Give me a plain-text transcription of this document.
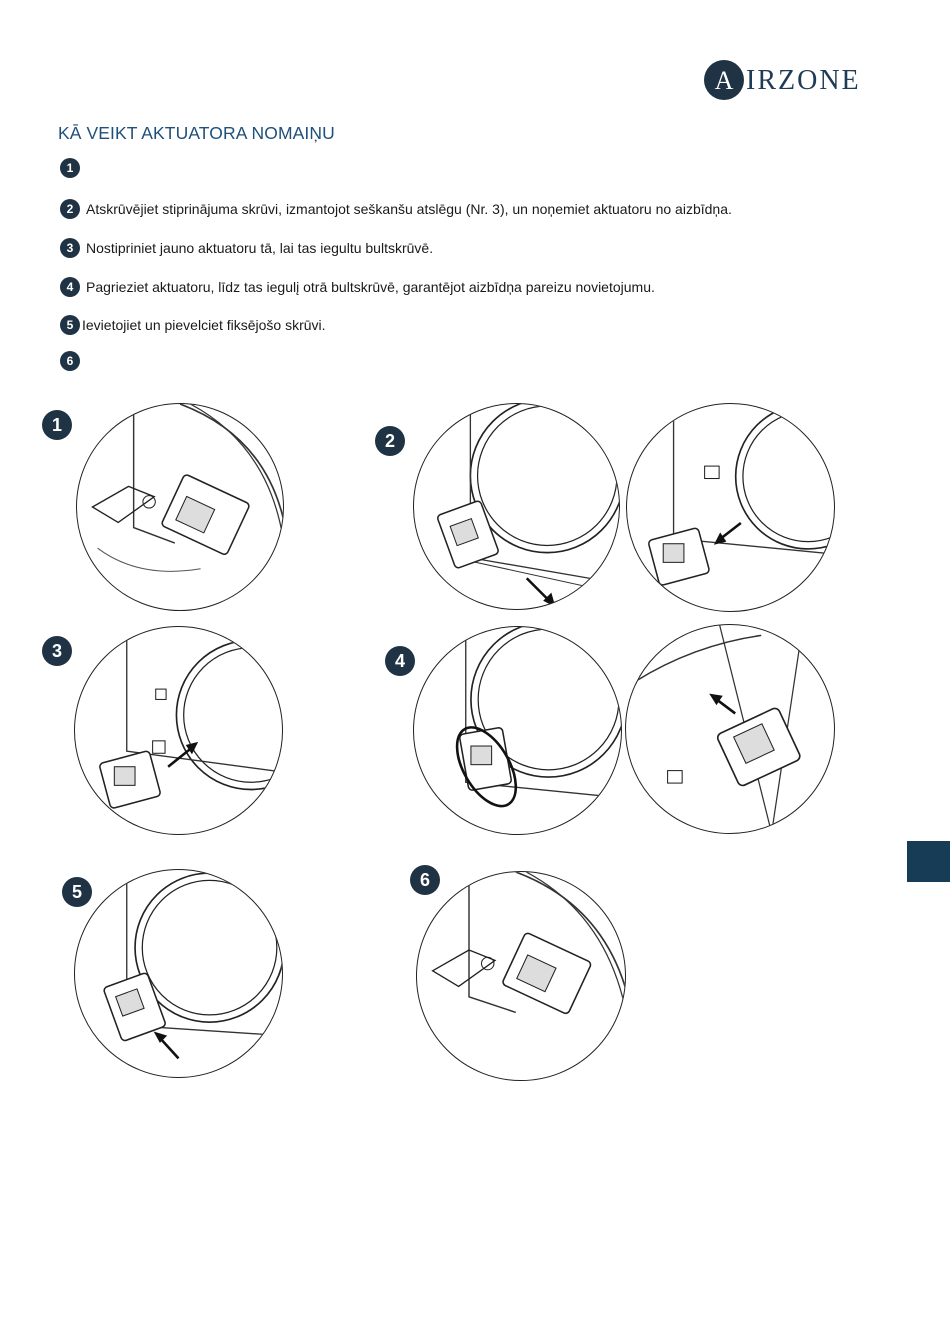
A IRZONE
KĀ VEIKT AKTUATORA NOMAIŅU
1
2 Atskrūvējiet stiprinājuma skrūvi, izmantojot seškanšu atslēgu (Nr. 3), un noņemiet aktuatoru no aizbīdņa.
3 Nostipriniet jauno aktuatoru tā, lai tas iegultu bultskrūvē.
4 Pagrieziet aktuatoru, līdz tas iegulį otrā bultskrūvē, garantējot aizbīdņa pareizu novietojumu.
5 Ievietojiet un pievelciet fiksējošo skrūvi.
6
1
2
3	4
5
6
